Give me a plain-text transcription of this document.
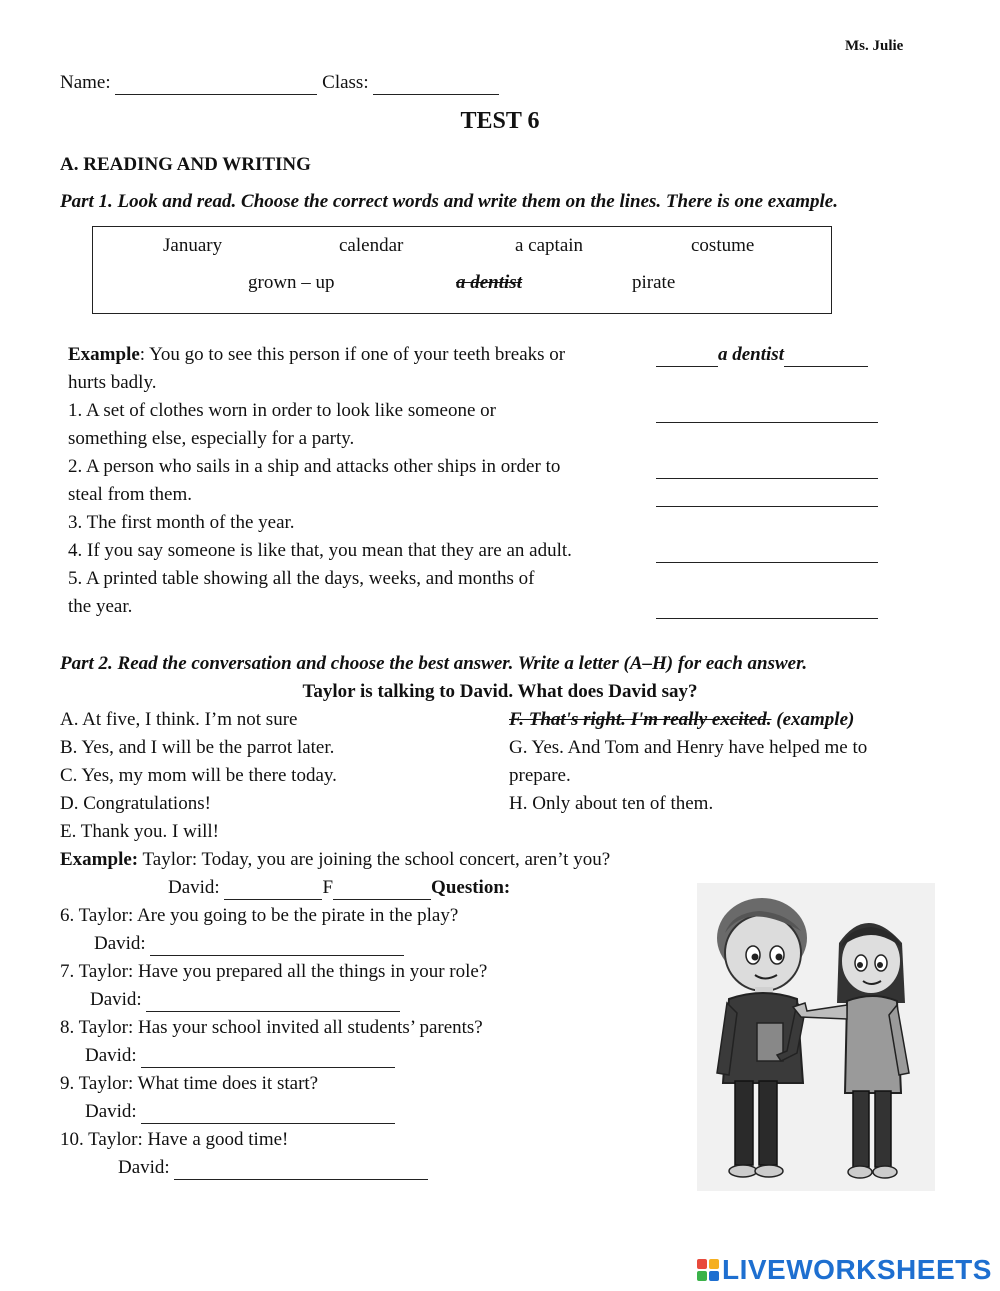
Ms. Julie
Name:	Class:
TEST 6
A. READING AND WRITING
Part 1. Look and read. Choose the correct words and write them on the lines. There is one example.
January	calendar	a captain	costume
grown – up	a dentist	pirate
Example: You go to see this person if one of your teeth breaks or
hurts badly.
a dentist
1. A set of clothes worn in order to look like someone or
something else, especially for a party.
2. A person who sails in a ship and attacks other ships in order to
steal from them.
3. The first month of the year.
4. If you say someone is like that, you mean that they are an adult.
5. A printed table showing all the days, weeks, and months of
the year.
Part 2. Read the conversation and choose the best answer. Write a letter (A–H) for each answer.
Taylor is talking to David. What does David say?
A. At five, I think. I’m not sure
B. Yes, and I will be the parrot later.
C. Yes, my mom will be there today.
D. Congratulations!
E. Thank you. I will!
F. That's right. I'm really excited. (example)
G. Yes. And Tom and Henry have helped me to
prepare.
H. Only about ten of them.
Example: Taylor: Today, you are joining the school concert, aren’t you?
David:	F	Question:
6. Taylor: Are you going to be the pirate in the play?
David:
7. Taylor: Have you prepared all the things in your role?
David:
8. Taylor: Has your school invited all students’ parents?
David:
9. Taylor: What time does it start?
David:
10. Taylor: Have a good time!
David:
LIVEWORKSHEETS
